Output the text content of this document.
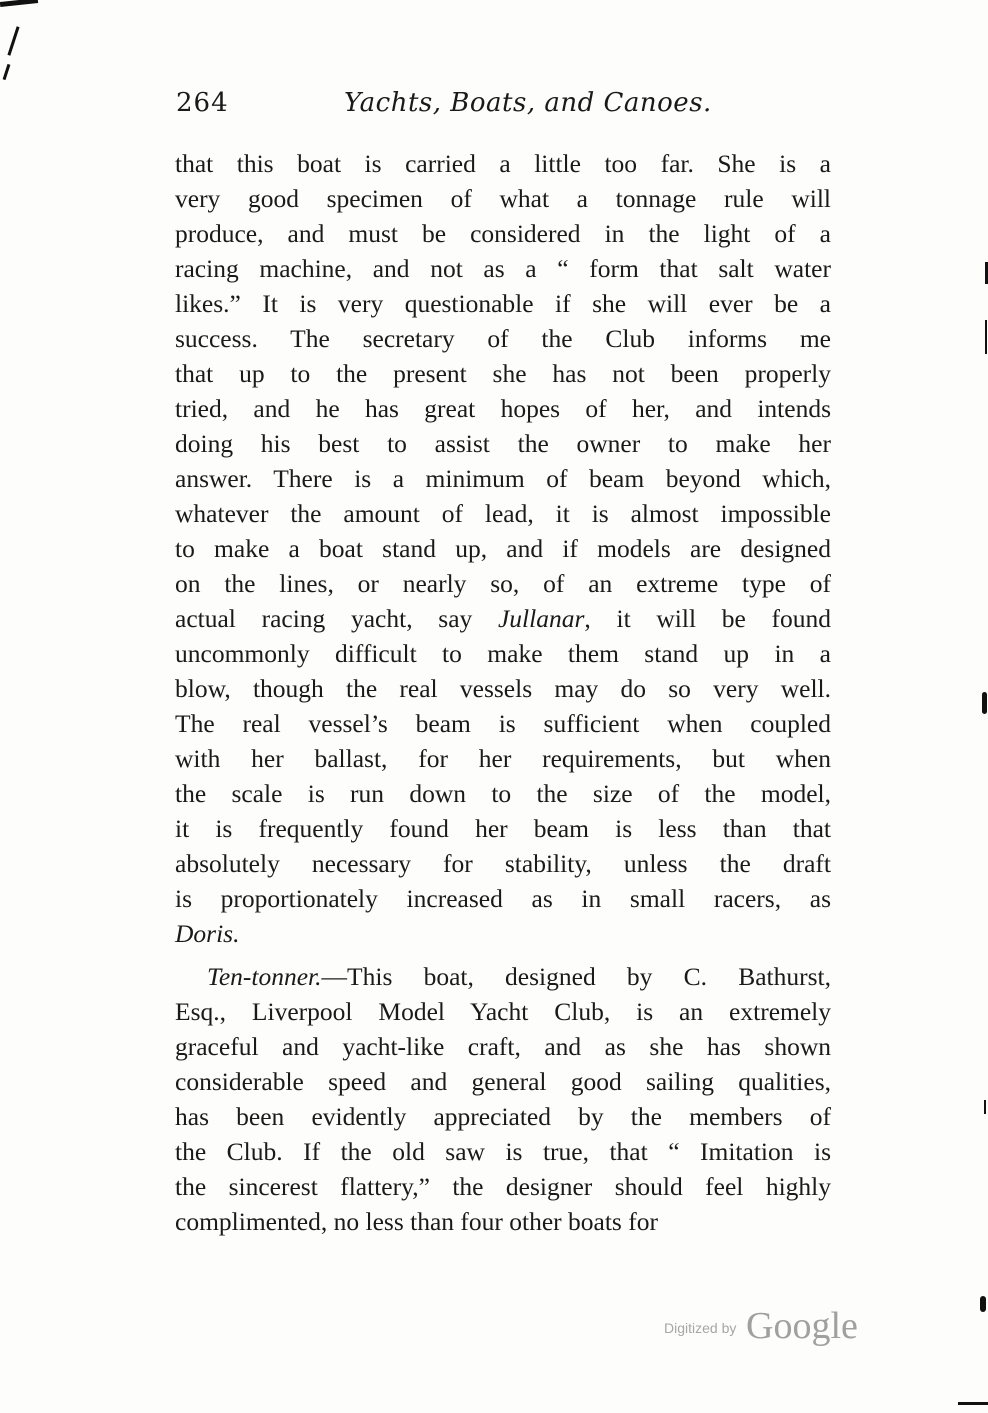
264	Yachts, Boats, and Canoes.
that this boat is carried a little too far. She is a
very good specimen of what a tonnage rule will
produce, and must be considered in the light of a
racing machine, and not as a “ form that salt water
likes.” It is very questionable if she will ever be a
success. The secretary of the Club informs me
that up to the present she has not been properly
tried, and he has great hopes of her, and intends
doing his best to assist the owner to make her
answer. There is a minimum of beam beyond which,
whatever the amount of lead, it is almost impossible
to make a boat stand up, and if models are designed
on the lines, or nearly so, of an extreme type of
actual racing yacht, say Jullanar, it will be found
uncommonly difficult to make them stand up in a
blow, though the real vessels may do so very well.
The real vessel’s beam is sufficient when coupled
with her ballast, for her requirements, but when
the scale is run down to the size of the model,
it is frequently found her beam is less than that
absolutely necessary for stability, unless the draft
is proportionately increased as in small racers, as
Doris.
Ten-tonner.—This boat, designed by C. Bathurst,
Esq., Liverpool Model Yacht Club, is an extremely
graceful and yacht-like craft, and as she has shown
considerable speed and general good sailing qualities,
has been evidently appreciated by the members of
the Club. If the old saw is true, that “ Imitation is
the sincerest flattery,” the designer should feel highly
complimented, no less than four other boats for
Digitized by Google
